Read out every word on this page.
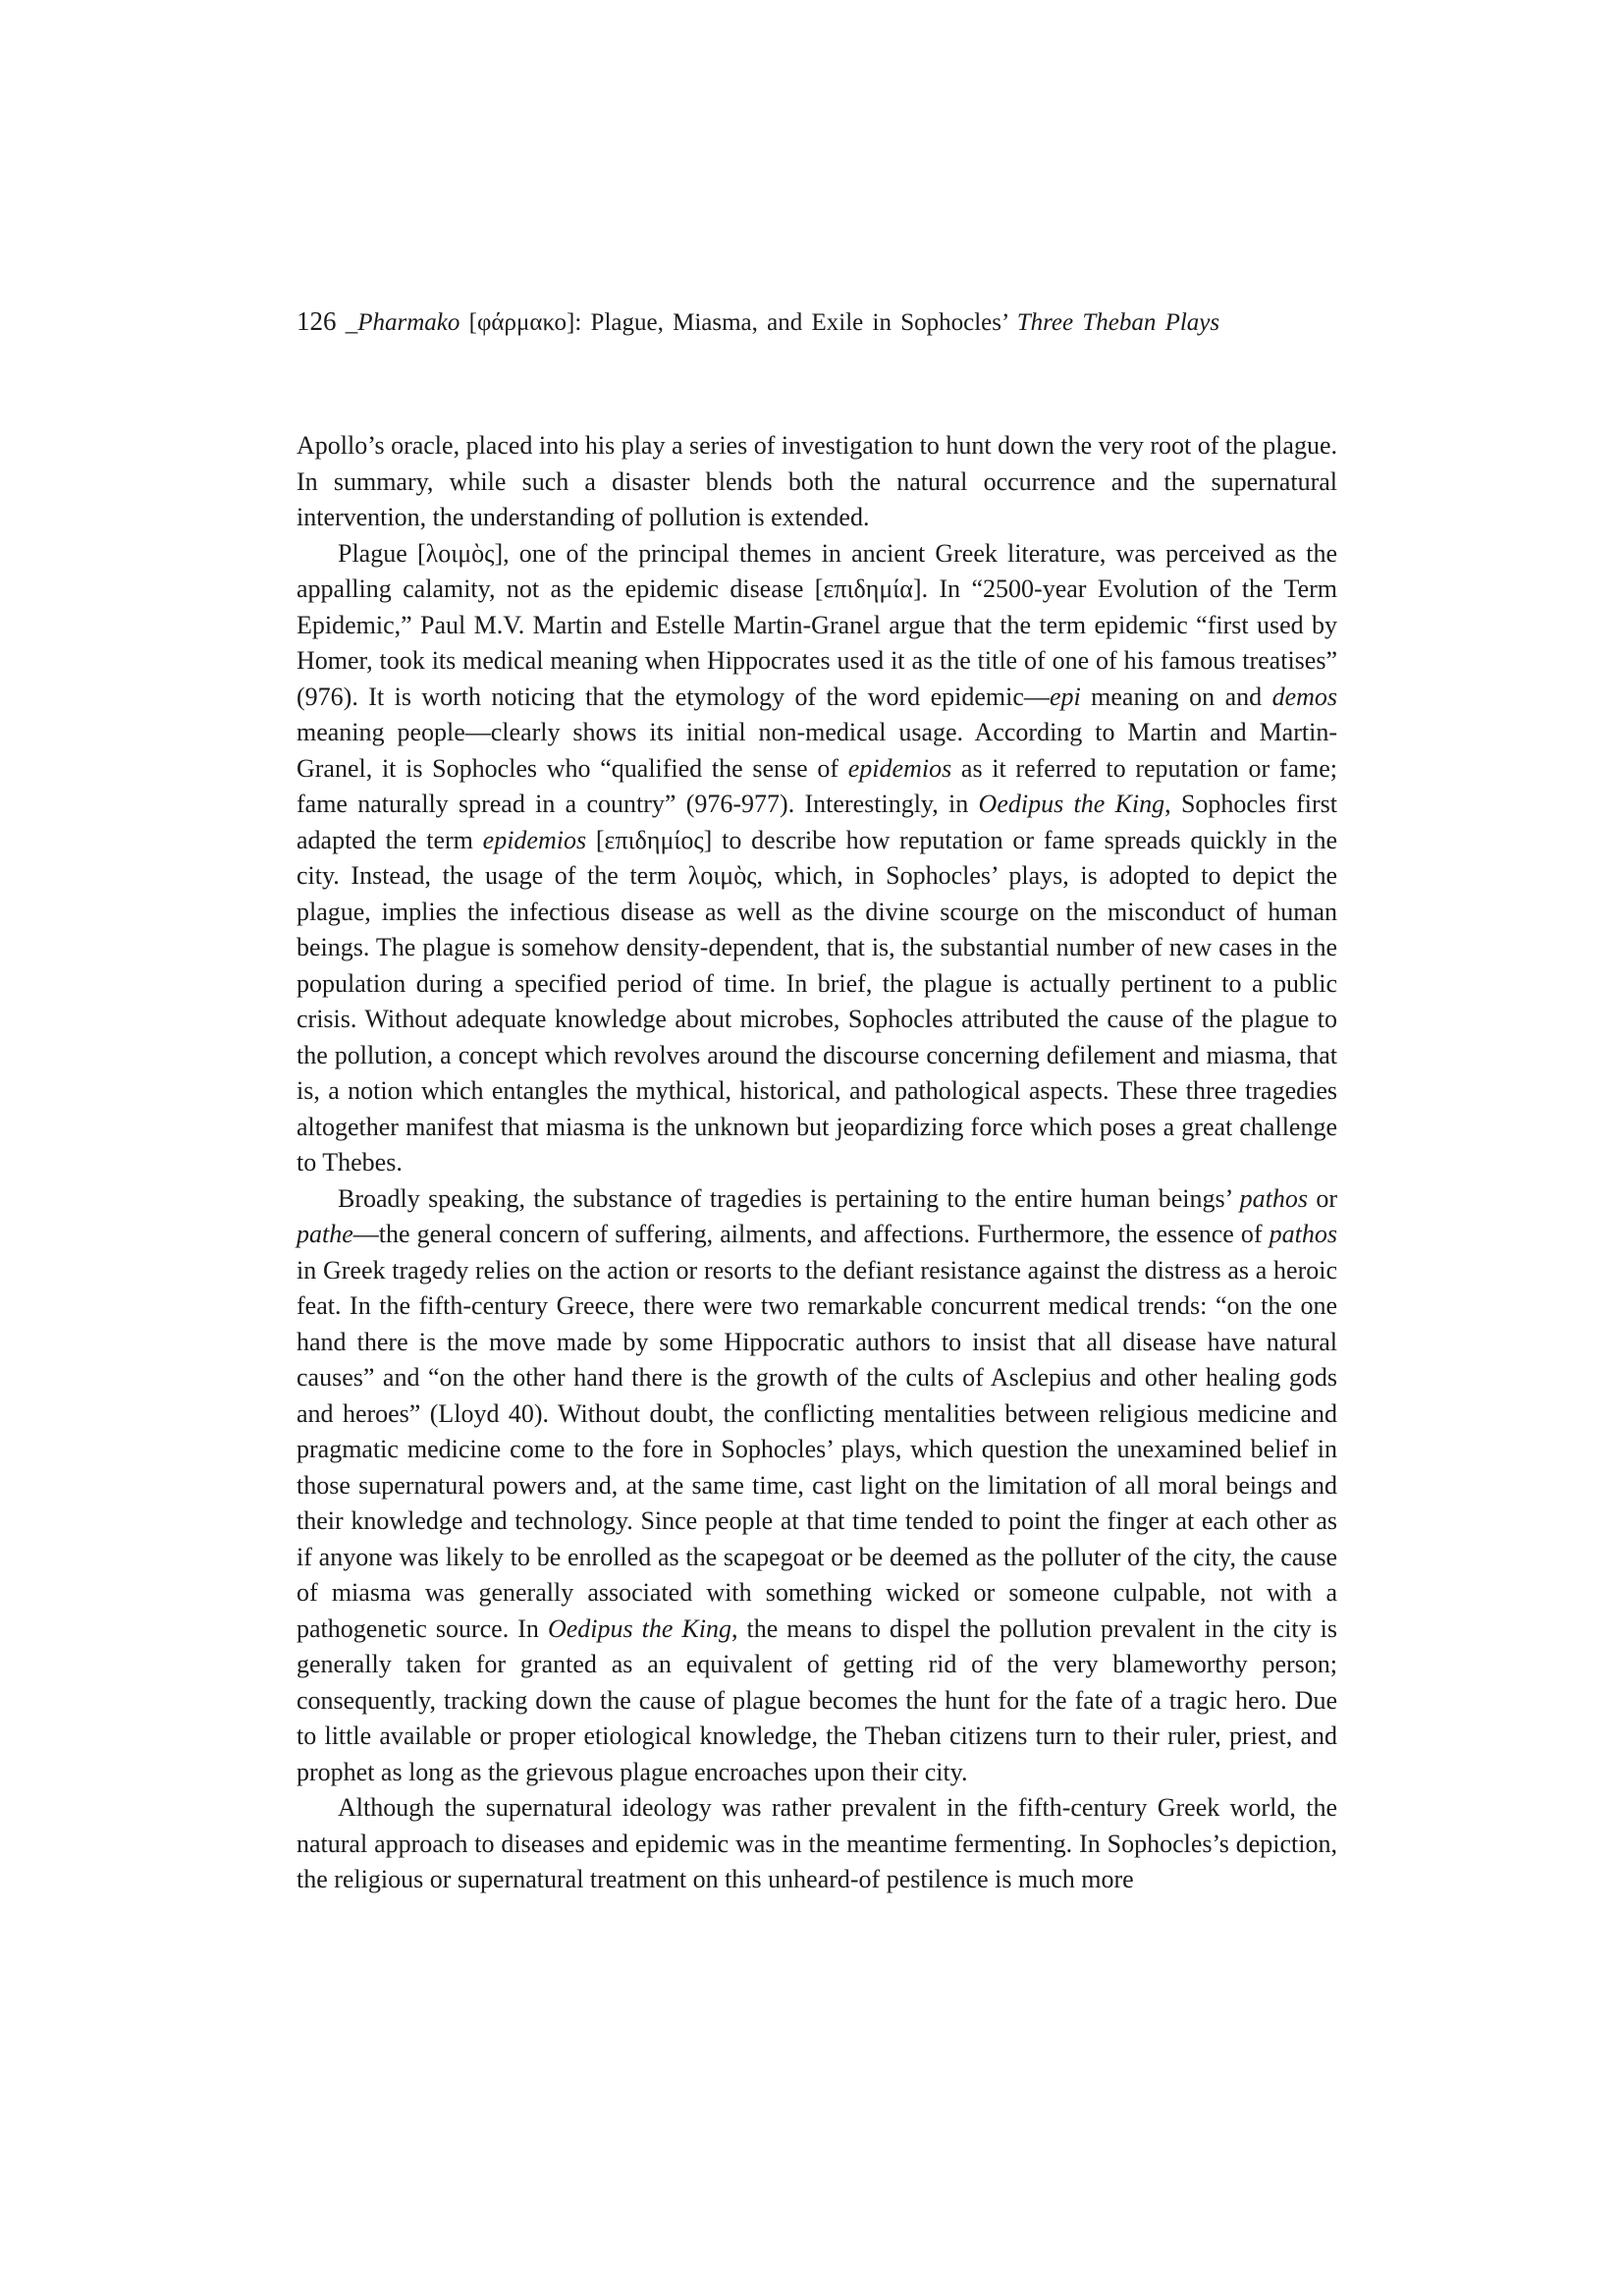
126 _Pharmako [φάρμακο]: Plague, Miasma, and Exile in Sophocles’ Three Theban Plays

Apollo’s oracle, placed into his play a series of investigation to hunt down the very root of the plague. In summary, while such a disaster blends both the natural occurrence and the supernatural intervention, the understanding of pollution is extended.

Plague [λοιμὸς], one of the principal themes in ancient Greek literature, was perceived as the appalling calamity, not as the epidemic disease [επιδημία]. In “2500-year Evolution of the Term Epidemic,” Paul M.V. Martin and Estelle Martin-Granel argue that the term epidemic “first used by Homer, took its medical meaning when Hippocrates used it as the title of one of his famous treatises” (976). It is worth noticing that the etymology of the word epidemic—epi meaning on and demos meaning people—clearly shows its initial non-medical usage. According to Martin and Martin-Granel, it is Sophocles who “qualified the sense of epidemios as it referred to reputation or fame; fame naturally spread in a country” (976-977). Interestingly, in Oedipus the King, Sophocles first adapted the term epidemios [επιδημίος] to describe how reputation or fame spreads quickly in the city. Instead, the usage of the term λοιμὸς, which, in Sophocles’ plays, is adopted to depict the plague, implies the infectious disease as well as the divine scourge on the misconduct of human beings. The plague is somehow density-dependent, that is, the substantial number of new cases in the population during a specified period of time. In brief, the plague is actually pertinent to a public crisis. Without adequate knowledge about microbes, Sophocles attributed the cause of the plague to the pollution, a concept which revolves around the discourse concerning defilement and miasma, that is, a notion which entangles the mythical, historical, and pathological aspects. These three tragedies altogether manifest that miasma is the unknown but jeopardizing force which poses a great challenge to Thebes.

Broadly speaking, the substance of tragedies is pertaining to the entire human beings’ pathos or pathe—the general concern of suffering, ailments, and affections. Furthermore, the essence of pathos in Greek tragedy relies on the action or resorts to the defiant resistance against the distress as a heroic feat. In the fifth-century Greece, there were two remarkable concurrent medical trends: “on the one hand there is the move made by some Hippocratic authors to insist that all disease have natural causes” and “on the other hand there is the growth of the cults of Asclepius and other healing gods and heroes” (Lloyd 40). Without doubt, the conflicting mentalities between religious medicine and pragmatic medicine come to the fore in Sophocles’ plays, which question the unexamined belief in those supernatural powers and, at the same time, cast light on the limitation of all moral beings and their knowledge and technology. Since people at that time tended to point the finger at each other as if anyone was likely to be enrolled as the scapegoat or be deemed as the polluter of the city, the cause of miasma was generally associated with something wicked or someone culpable, not with a pathogenetic source. In Oedipus the King, the means to dispel the pollution prevalent in the city is generally taken for granted as an equivalent of getting rid of the very blameworthy person; consequently, tracking down the cause of plague becomes the hunt for the fate of a tragic hero. Due to little available or proper etiological knowledge, the Theban citizens turn to their ruler, priest, and prophet as long as the grievous plague encroaches upon their city.

Although the supernatural ideology was rather prevalent in the fifth-century Greek world, the natural approach to diseases and epidemic was in the meantime fermenting. In Sophocles’s depiction, the religious or supernatural treatment on this unheard-of pestilence is much more
